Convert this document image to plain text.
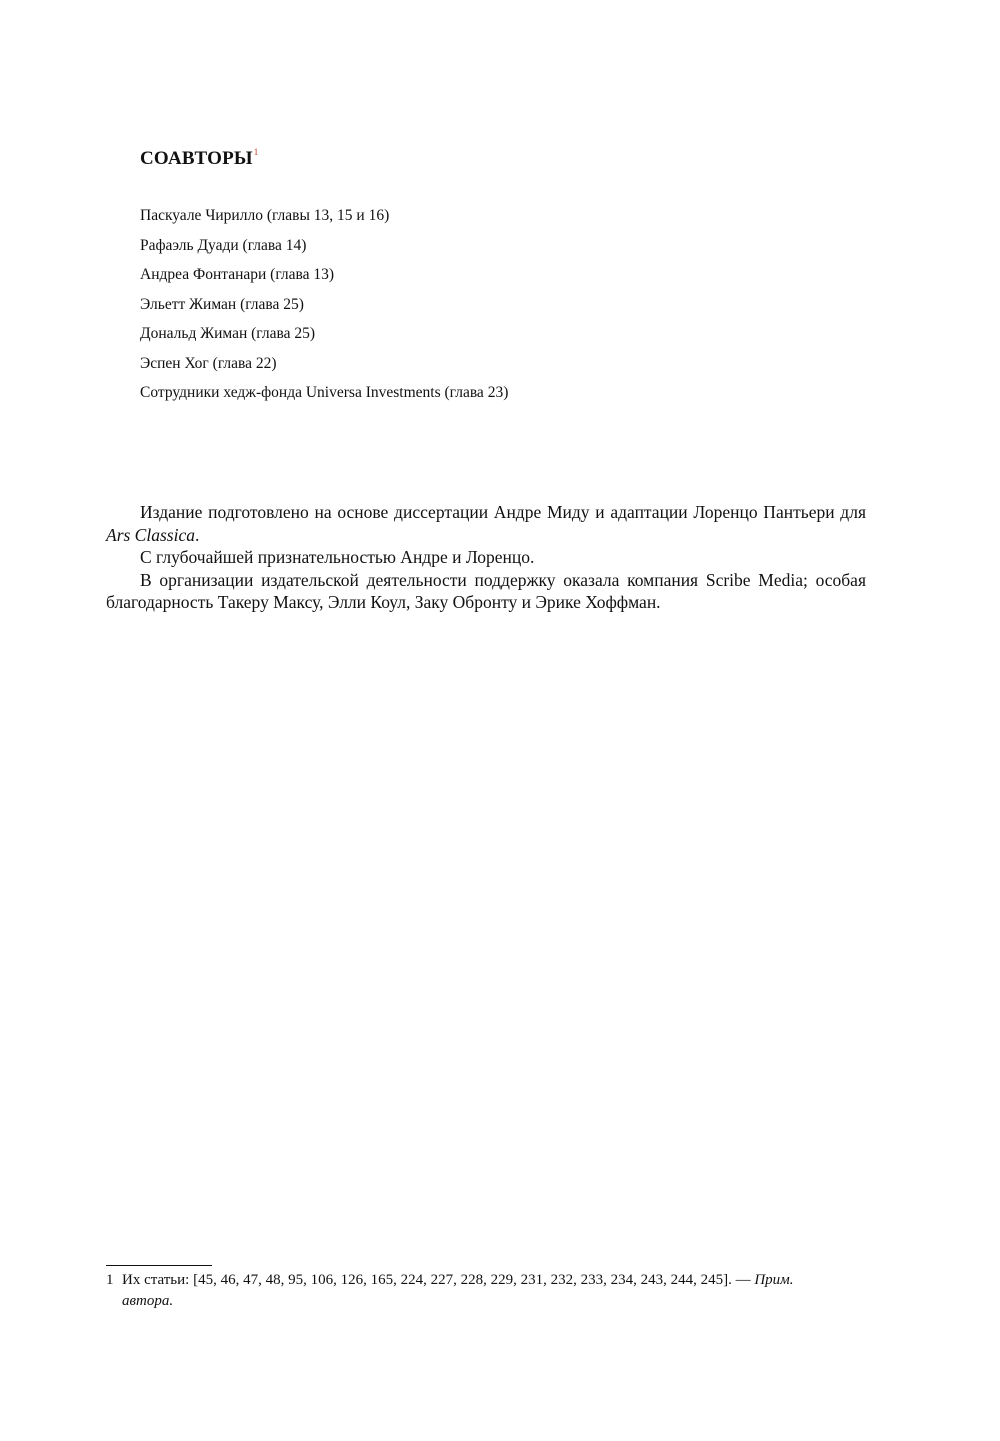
СОАВТОРЫ$^1$
Паскуале Чирилло (главы 13, 15 и 16)
Рафаэль Дуади (глава 14)
Андреа Фонтанари (глава 13)
Эльетт Жиман (глава 25)
Дональд Жиман (глава 25)
Эспен Хог (глава 22)
Сотрудники хедж-фонда Universa Investments (глава 23)

Издание подготовлено на основе диссертации Андре Миду и адаптации Лоренцо Пантьери для Ars Classica.

С глубочайшей признательностью Андре и Лоренцо.

В организации издательской деятельности поддержку оказала компания Scribe Media; особая благодарность Такеру Максу, Элли Коул, Заку Обронту и Эрике Хоффман.

1 Их статьи: [45, 46, 47, 48, 95, 106, 126, 165, 224, 227, 228, 229, 231, 232, 233, 234, 243, 244, 245]. — Прим.
автора.
